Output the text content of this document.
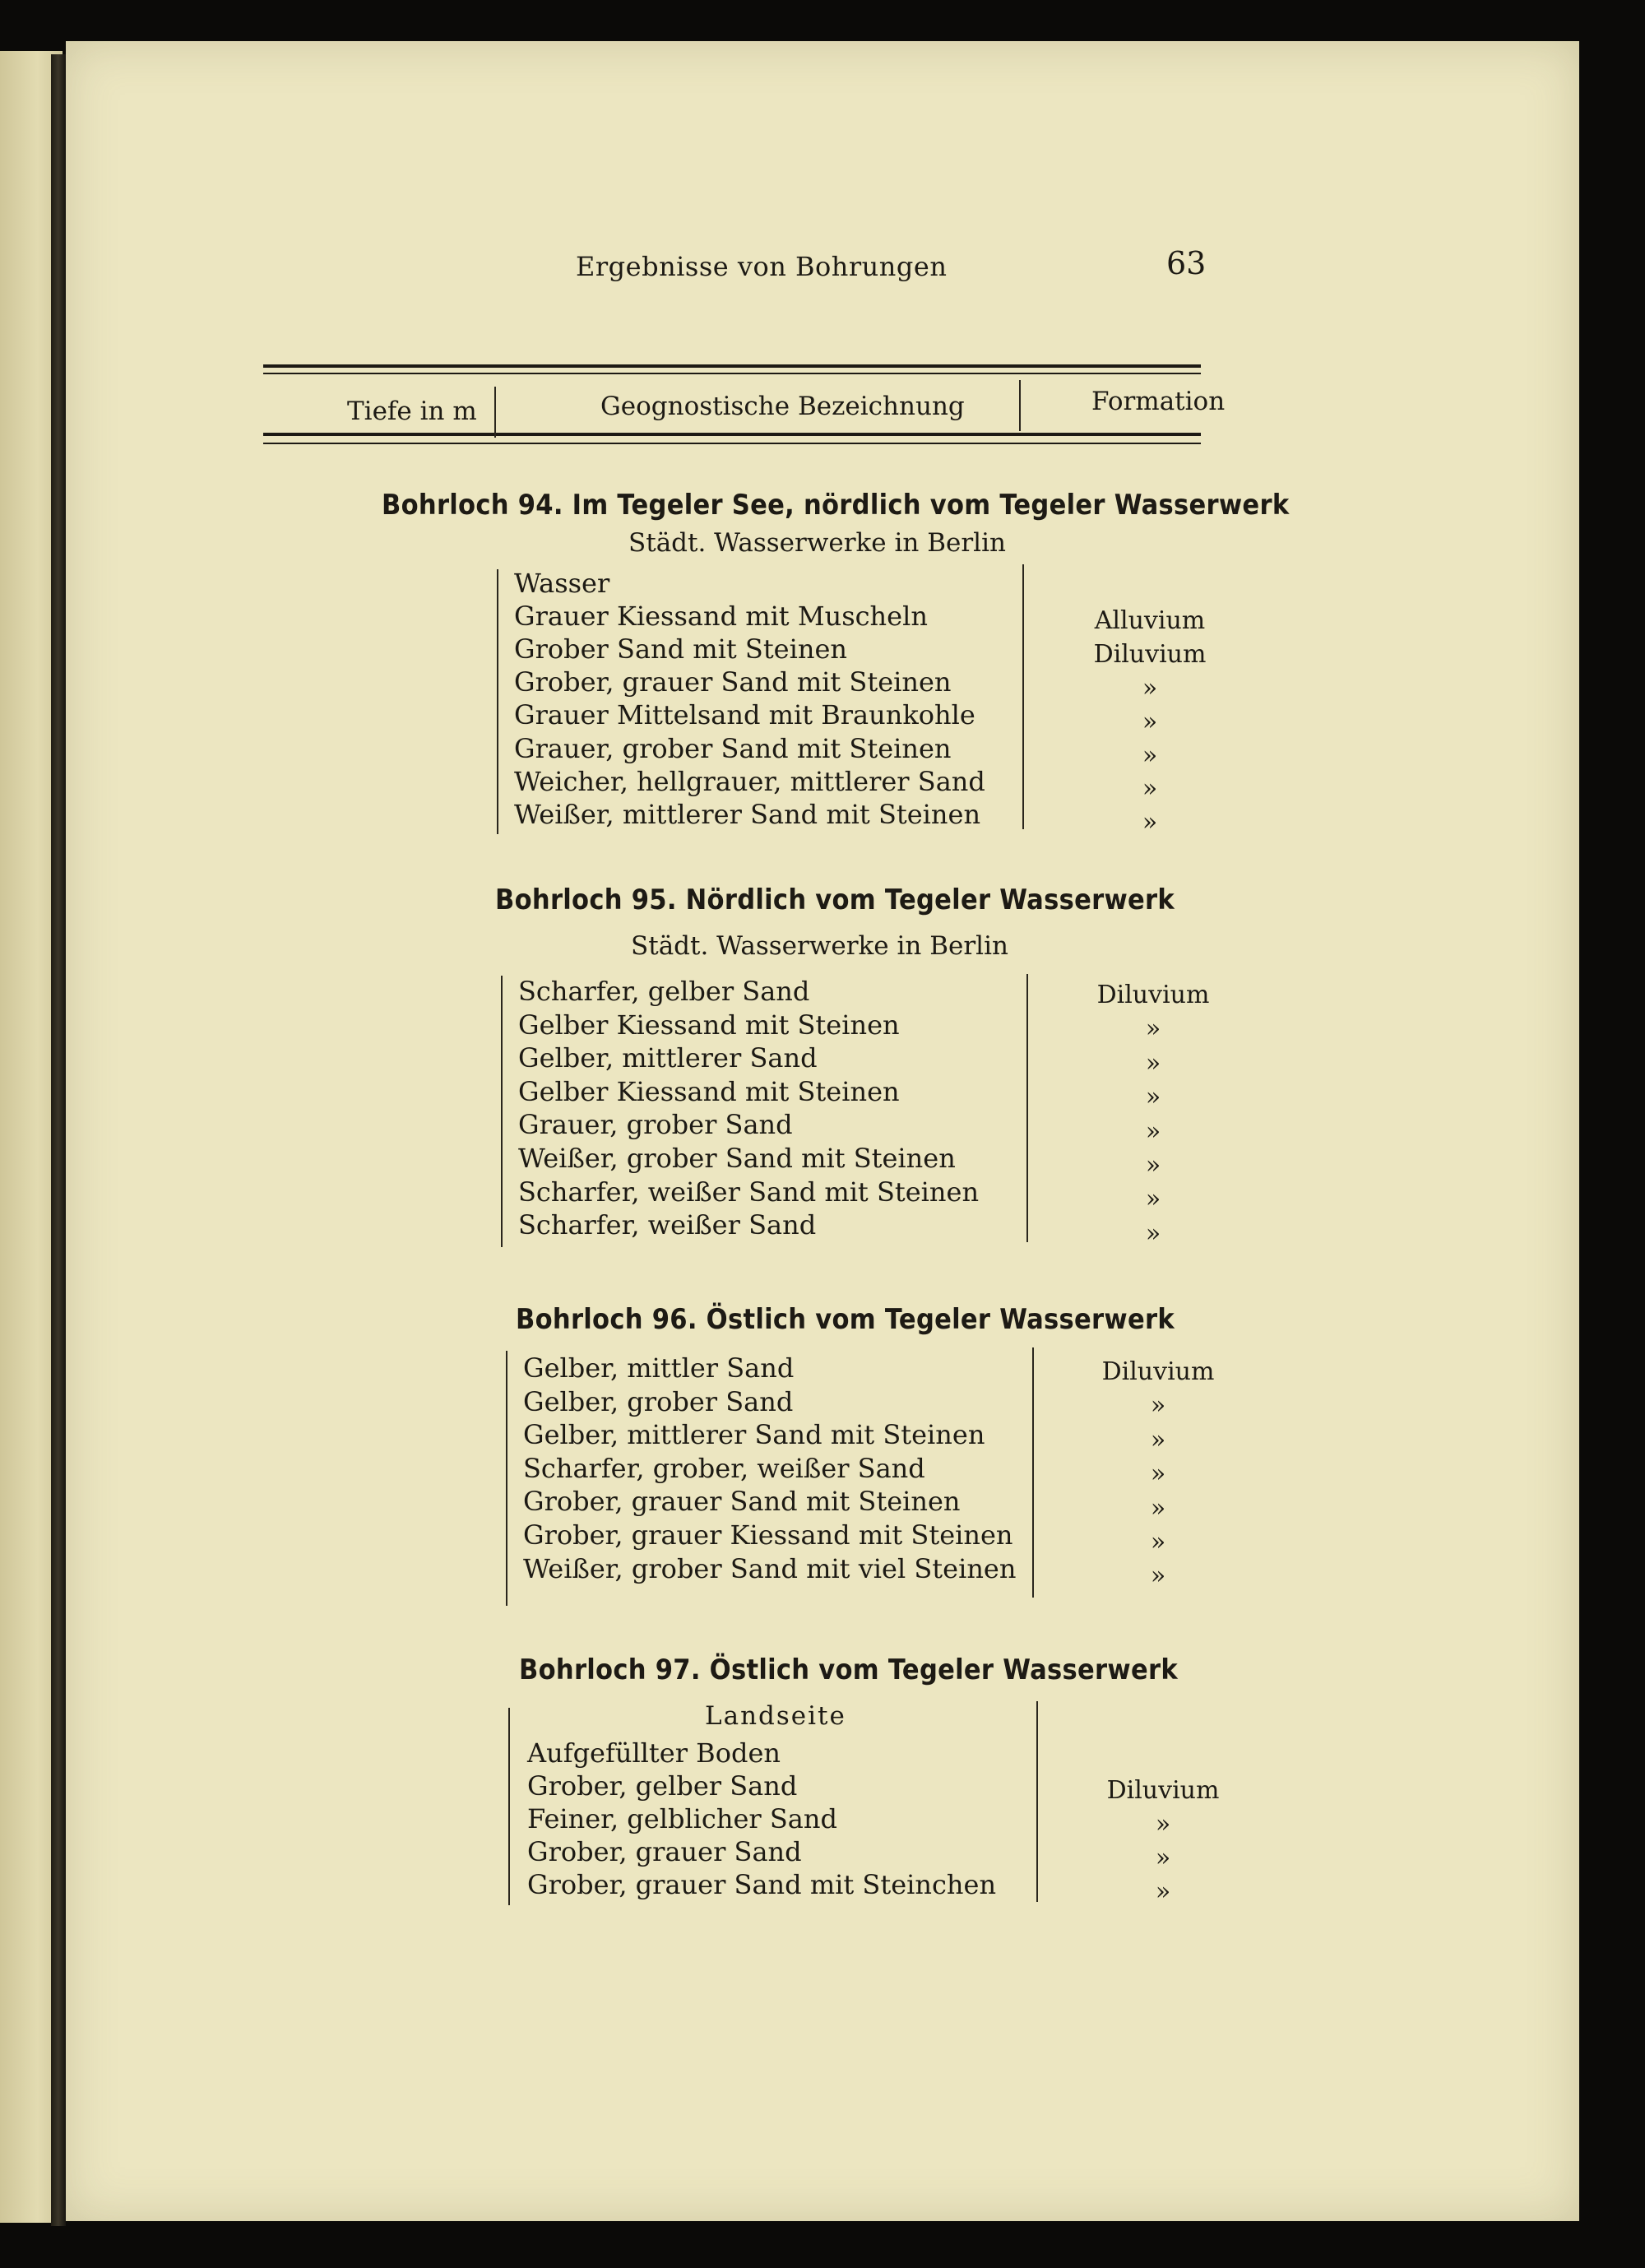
Ergebnisse von Bohrungen	63
Tiefe in m	Geognostische Bezeichnung	Formation
Bohrloch 94. Im Tegeler See, nördlich vom Tegeler Wasserwerk
Städt. Wasserwerke in Berlin
Wasser
Grauer Kiessand mit Muscheln	Alluvium
Grober Sand mit Steinen	Diluvium
Grober, grauer Sand mit Steinen	»
Grauer Mittelsand mit Braunkohle	»
Grauer, grober Sand mit Steinen	»
Weicher, hellgrauer, mittlerer Sand	»
Weißer, mittlerer Sand mit Steinen	»
Bohrloch 95. Nördlich vom Tegeler Wasserwerk
Städt. Wasserwerke in Berlin
Scharfer, gelber Sand	Diluvium
Gelber Kiessand mit Steinen	»
Gelber, mittlerer Sand	»
Gelber Kiessand mit Steinen	»
Grauer, grober Sand	»
Weißer, grober Sand mit Steinen	»
Scharfer, weißer Sand mit Steinen	»
Scharfer, weißer Sand	»
Bohrloch 96. Östlich vom Tegeler Wasserwerk
Gelber, mittler Sand	Diluvium
Gelber, grober Sand	»
Gelber, mittlerer Sand mit Steinen	»
Scharfer, grober, weißer Sand	»
Grober, grauer Sand mit Steinen	»
Grober, grauer Kiessand mit Steinen	»
Weißer, grober Sand mit viel Steinen	»
Bohrloch 97. Östlich vom Tegeler Wasserwerk
Landseite
Aufgefüllter Boden
Grober, gelber Sand	Diluvium
Feiner, gelblicher Sand	»
Grober, grauer Sand	»
Grober, grauer Sand mit Steinchen	»
